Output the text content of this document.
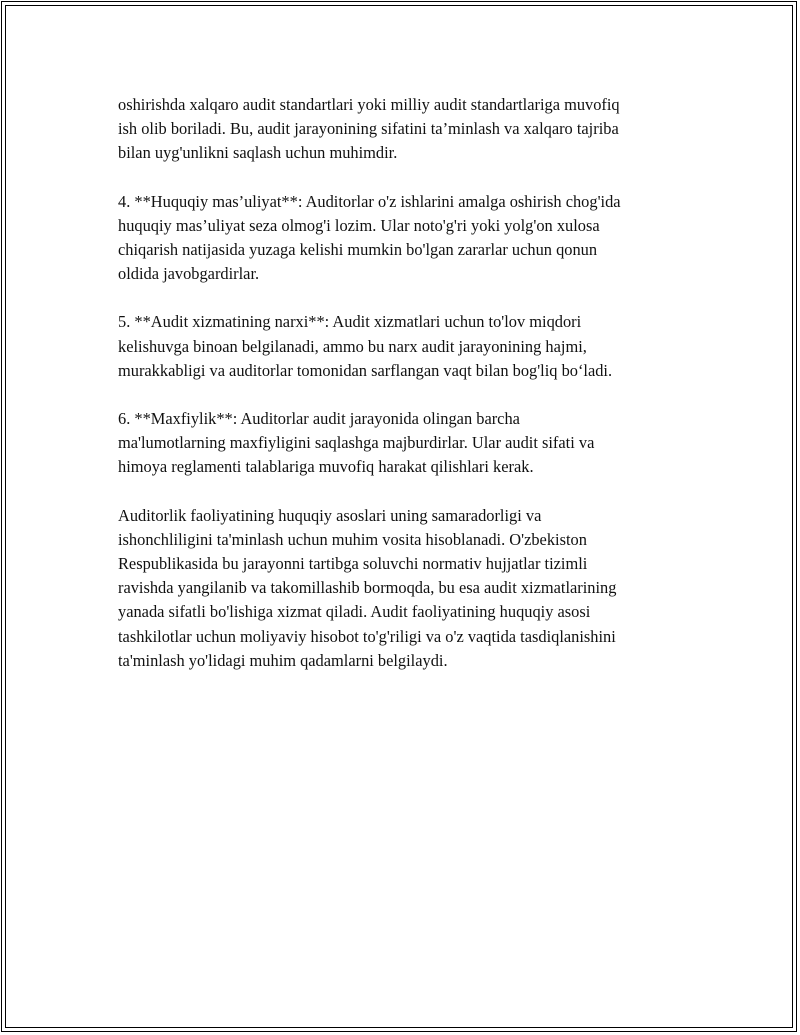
oshirishda xalqaro audit standartlari yoki milliy audit standartlariga muvofiq
ish olib boriladi. Bu, audit jarayonining sifatini ta’minlash va xalqaro tajriba
bilan uyg'unlikni saqlash uchun muhimdir.

4. **Huquqiy mas’uliyat**: Auditorlar o'z ishlarini amalga oshirish chog'ida
huquqiy mas’uliyat seza olmog'i lozim. Ular noto'g'ri yoki yolg'on xulosa
chiqarish natijasida yuzaga kelishi mumkin bo'lgan zararlar uchun qonun
oldida javobgardirlar.

5. **Audit xizmatining narxi**: Audit xizmatlari uchun to'lov miqdori
kelishuvga binoan belgilanadi, ammo bu narx audit jarayonining hajmi,
murakkabligi va auditorlar tomonidan sarflangan vaqt bilan bog'liq bo‘ladi.

6. **Maxfiylik**: Auditorlar audit jarayonida olingan barcha
ma'lumotlarning maxfiyligini saqlashga majburdirlar. Ular audit sifati va
himoya reglamenti talablariga muvofiq harakat qilishlari kerak.

Auditorlik faoliyatining huquqiy asoslari uning samaradorligi va
ishonchliligini ta'minlash uchun muhim vosita hisoblanadi. O'zbekiston
Respublikasida bu jarayonni tartibga soluvchi normativ hujjatlar tizimli
ravishda yangilanib va takomillashib bormoqda, bu esa audit xizmatlarining
yanada sifatli bo'lishiga xizmat qiladi. Audit faoliyatining huquqiy asosi
tashkilotlar uchun moliyaviy hisobot to'g'riligi va o'z vaqtida tasdiqlanishini
ta'minlash yo'lidagi muhim qadamlarni belgilaydi.
